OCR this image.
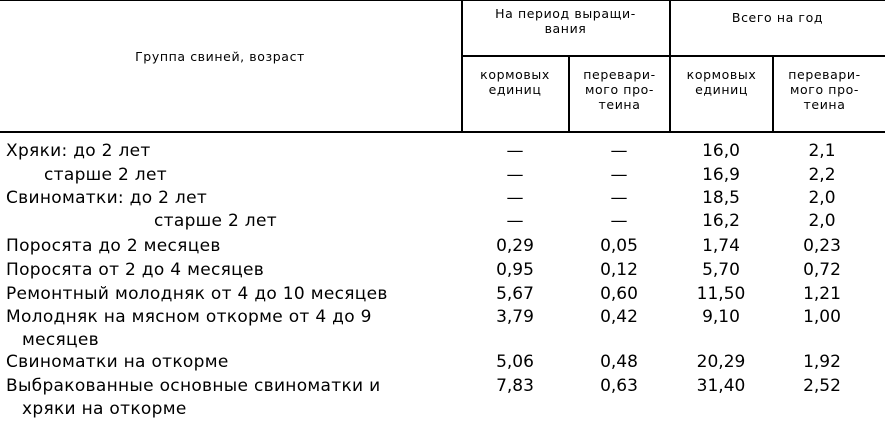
Группа свиней, возраст
На период выращи-
вания
Всего на год
кормовых
единиц
перевари-
мого про-
теина
кормовых
единиц
перевари-
мого про-
теина
Хряки: до 2 лет	—	—	16,0	2,1
старше 2 лет	—	—	16,9	2,2
Свиноматки: до 2 лет	—	—	18,5	2,0
старше 2 лет	—	—	16,2	2,0
Поросята до 2 месяцев	0,29	0,05	1,74	0,23
Поросята от 2 до 4 месяцев	0,95	0,12	5,70	0,72
Ремонтный молодняк от 4 до 10 месяцев	5,67	0,60	11,50	1,21
Молодняк на мясном откорме от 4 до 9
месяцев
3,79	0,42	9,10	1,00
Свиноматки на откорме	5,06	0,48	20,29	1,92
Выбракованные основные свиноматки и
хряки на откорме
7,83	0,63	31,40	2,52
